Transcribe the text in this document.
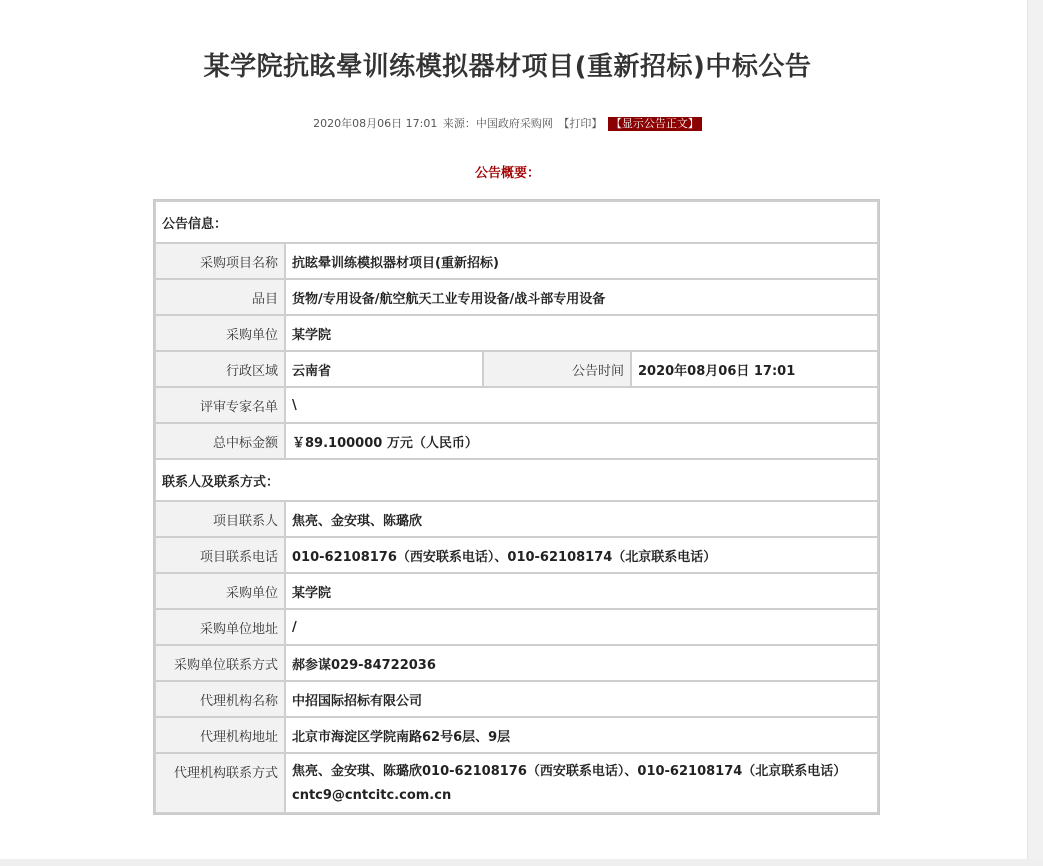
某学院抗眩晕训练模拟器材项目(重新招标)中标公告
2020年08月06日 17:01 来源：中国政府采购网 【打印】 【显示公告正文】
公告概要：
公告信息：			
采购项目名称	抗眩晕训练模拟器材项目(重新招标)		
品目	货物/专用设备/航空航天工业专用设备/战斗部专用设备		
采购单位	某学院		
行政区域	云南省	公告时间	2020年08月06日 17:01
评审专家名单	\		
总中标金额	￥89.100000 万元（人民币）		
联系人及联系方式：			
项目联系人	焦亮、金安琪、陈璐欣		
项目联系电话	010-62108176（西安联系电话）、010-62108174（北京联系电话）		
采购单位	某学院		
采购单位地址	/		
采购单位联系方式	郝参谋029-84722036		
代理机构名称	中招国际招标有限公司		
代理机构地址	北京市海淀区学院南路62号6层、9层		
代理机构联系方式	焦亮、金安琪、陈璐欣010-62108176（西安联系电话）、010-62108174（北京联系电话）cntc9@cntcitc.com.cn		
